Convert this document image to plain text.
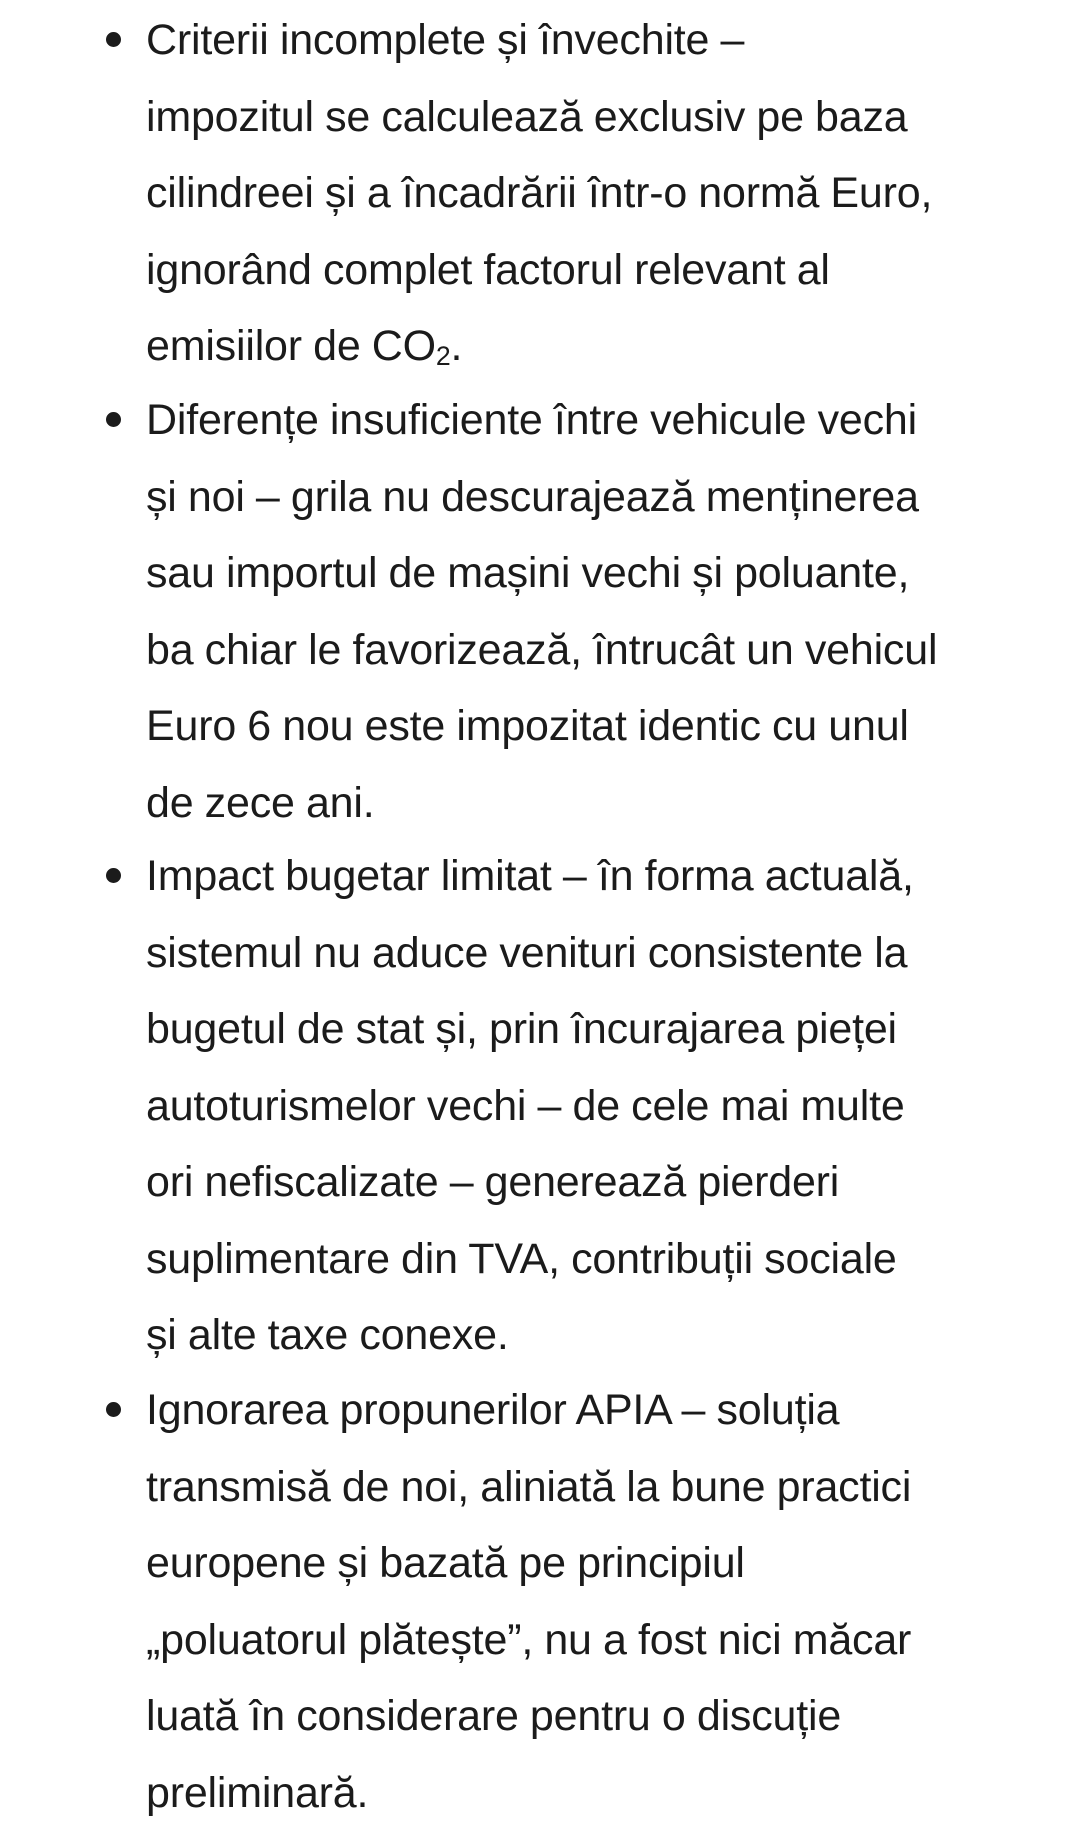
Criterii incomplete și învechite –
impozitul se calculează exclusiv pe baza
cilindreei și a încadrării într-o normă Euro,
ignorând complet factorul relevant al
emisiilor de $CO_2$.
Diferențe insuficiente între vehicule vechi
și noi – grila nu descurajează menținerea
sau importul de mașini vechi și poluante,
ba chiar le favorizează, întrucât un vehicul
Euro 6 nou este impozitat identic cu unul
de zece ani.
Impact bugetar limitat – în forma actuală,
sistemul nu aduce venituri consistente la
bugetul de stat și, prin încurajarea pieței
autoturismelor vechi – de cele mai multe
ori nefiscalizate – generează pierderi
suplimentare din TVA, contribuții sociale
și alte taxe conexe.
Ignorarea propunerilor APIA – soluția
transmisă de noi, aliniată la bune practici
europene și bazată pe principiul
„poluatorul plătește”, nu a fost nici măcar
luată în considerare pentru o discuție
preliminară.
